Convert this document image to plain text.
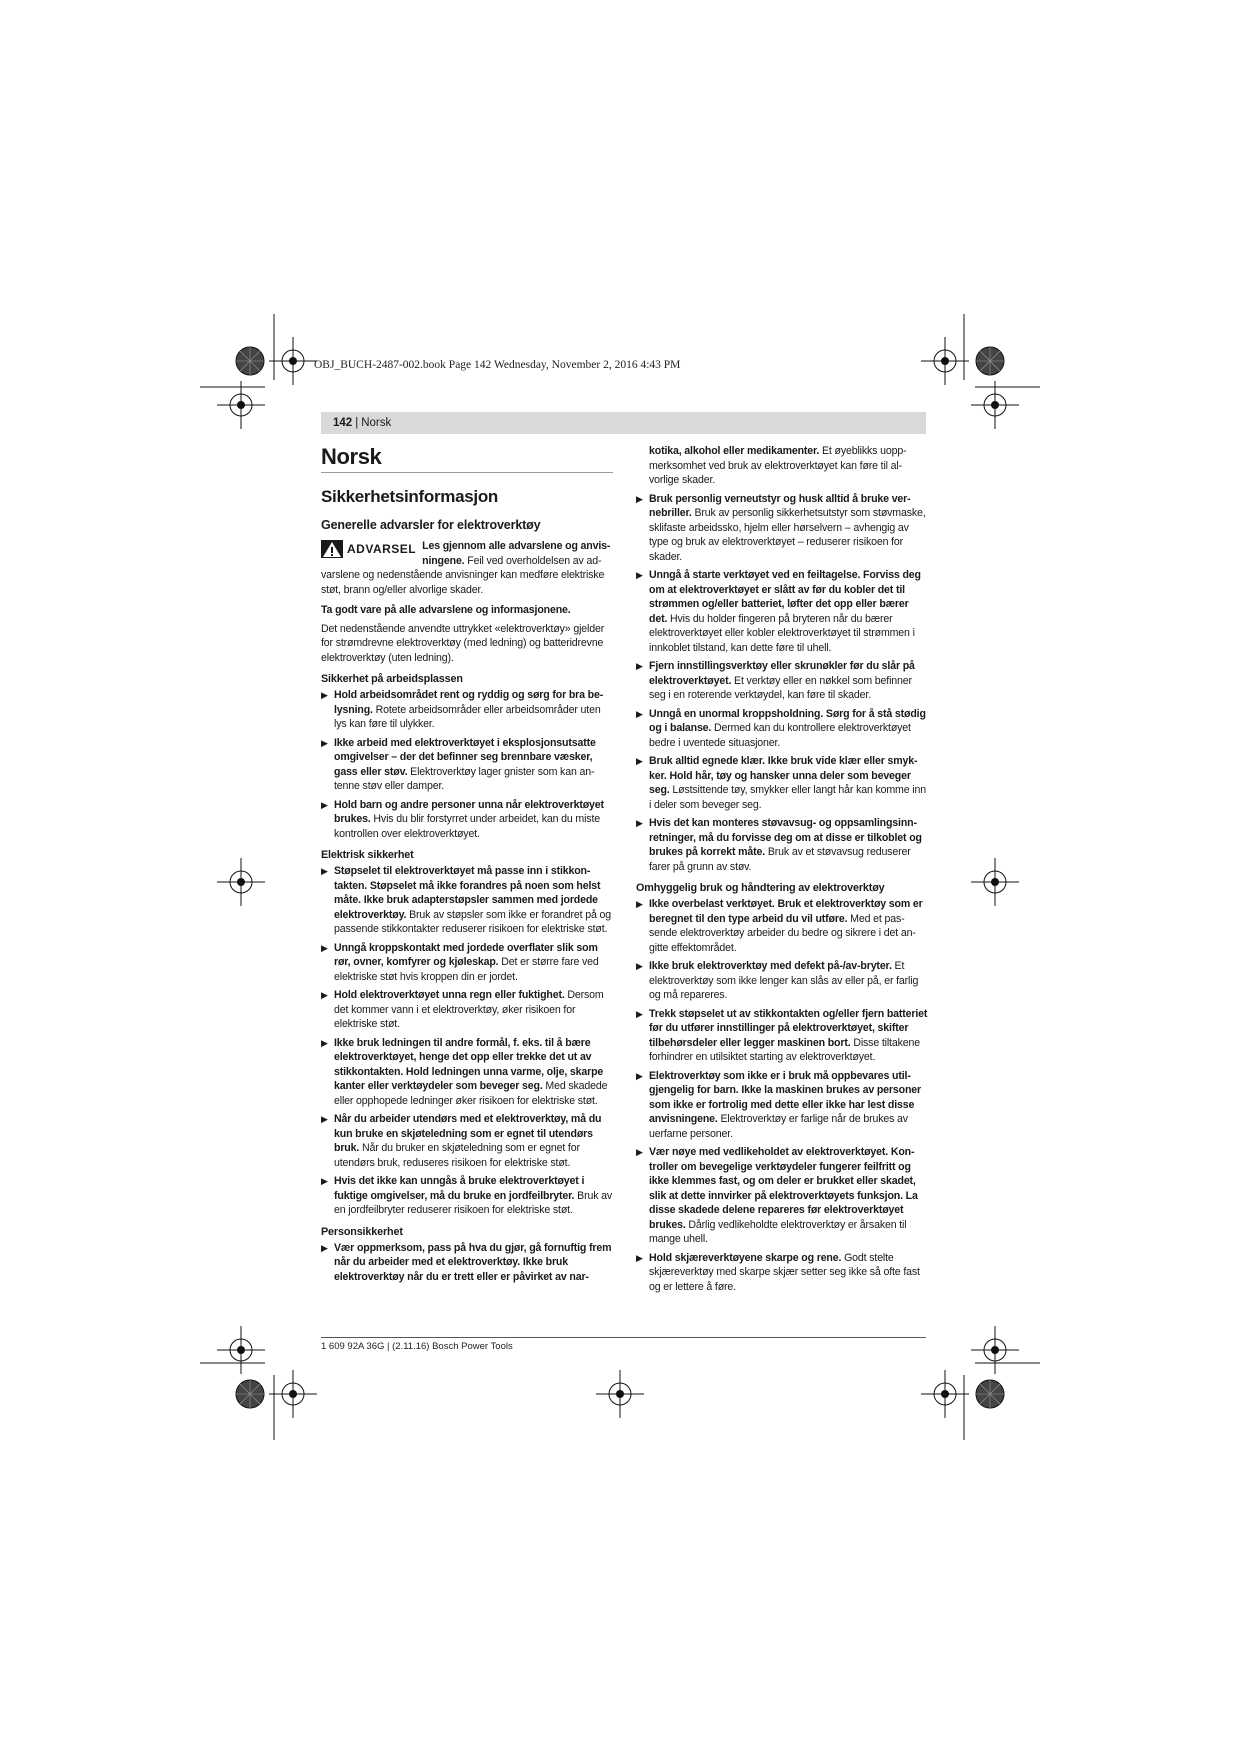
OBJ_BUCH-2487-002.book Page 142 Wednesday, November 2, 2016 4:43 PM
142 | Norsk
Norsk
Sikkerhetsinformasjon
Generelle advarsler for elektroverktøy
ADVARSEL Les gjennom alle advarslene og anvisningene. Feil ved overholdelsen av advarslene og nedenstående anvisninger kan medføre elektriske støt, brann og/eller alvorlige skader.

Ta godt vare på alle advarslene og informasjonene.

Det nedenstående anvendte uttrykket «elektroverktøy» gjelder for strømdrevne elektroverktøy (med ledning) og batteridrevne elektroverktøy (uten ledning).

Sikkerhet på arbeidsplassen
▶ Hold arbeidsområdet rent og ryddig og sørg for bra belysning. Rotete arbeidsområder eller arbeidsområder uten lys kan føre til ulykker.
▶ Ikke arbeid med elektroverktøyet i eksplosjonsutsatte omgivelser – der det befinner seg brennbare væsker, gass eller støv. Elektroverktøy lager gnister som kan antenne støv eller damper.
▶ Hold barn og andre personer unna når elektroverktøyet brukes. Hvis du blir forstyrret under arbeidet, kan du miste kontrollen over elektroverktøyet.
Elektrisk sikkerhet
▶ Støpselet til elektroverktøyet må passe inn i stikkontakten. Støpselet må ikke forandres på noen som helst måte. Ikke bruk adapterstøpsler sammen med jordede elektroverktøy. Bruk av støpsler som ikke er forandret på og passende stikkontakter reduserer risikoen for elektriske støt.
▶ Unngå kroppskontakt med jordede overflater slik som rør, ovner, komfyrer og kjøleskap. Det er større fare ved elektriske støt hvis kroppen din er jordet.
▶ Hold elektroverktøyet unna regn eller fuktighet. Dersom det kommer vann i et elektroverktøy, øker risikoen for elektriske støt.
▶ Ikke bruk ledningen til andre formål, f. eks. til å bære elektroverktøyet, henge det opp eller trekke det ut av stikkontakten. Hold ledningen unna varme, olje, skarpe kanter eller verktøydeler som beveger seg. Med skadede eller opphopede ledninger øker risikoen for elektriske støt.
▶ Når du arbeider utendørs med et elektroverktøy, må du kun bruke en skjøteledning som er egnet til utendørs bruk. Når du bruker en skjøteledning som er egnet for utendørs bruk, reduseres risikoen for elektriske støt.
▶ Hvis det ikke kan unngås å bruke elektroverktøyet i fuktige omgivelser, må du bruke en jordfeilbryter. Bruk av en jordfeilbryter reduserer risikoen for elektriske støt.
Personsikkerhet
▶ Vær oppmerksom, pass på hva du gjør, gå fornuftig frem når du arbeider med et elektroverktøy. Ikke bruk elektroverktøy når du er trett eller er påvirket av nar-

kotika, alkohol eller medikamenter. Et øyeblikks uoppmerksomhet ved bruk av elektroverktøyet kan føre til alvorlige skader.

▶ Bruk personlig verneutstyr og husk alltid å bruke vernebriller. Bruk av personlig sikkerhetsutstyr som støvmaske, sklifaste arbeidssko, hjelm eller hørselvern – avhengig av type og bruk av elektroverktøyet – reduserer risikoen for skader.
▶ Unngå å starte verktøyet ved en feiltagelse. Forviss deg om at elektroverktøyet er slått av før du kobler det til strømmen og/eller batteriet, løfter det opp eller bærer det. Hvis du holder fingeren på bryteren når du bærer elektroverktøyet eller kobler elektroverktøyet til strømmen i innkoblet tilstand, kan dette føre til uhell.
▶ Fjern innstillingsverktøy eller skrunøkler før du slår på elektroverktøyet. Et verktøy eller en nøkkel som befinner seg i en roterende verktøydel, kan føre til skader.
▶ Unngå en unormal kroppsholdning. Sørg for å stå stødig og i balanse. Dermed kan du kontrollere elektroverktøyet bedre i uventede situasjoner.
▶ Bruk alltid egnede klær. Ikke bruk vide klær eller smykker. Hold hår, tøy og hansker unna deler som beveger seg. Løstsittende tøy, smykker eller langt hår kan komme inn i deler som beveger seg.
▶ Hvis det kan monteres støvavsug- og oppsamlingsinnretninger, må du forvisse deg om at disse er tilkoblet og brukes på korrekt måte. Bruk av et støvavsug reduserer farer på grunn av støv.
Omhyggelig bruk og håndtering av elektroverktøy
▶ Ikke overbelast verktøyet. Bruk et elektroverktøy som er beregnet til den type arbeid du vil utføre. Med et passende elektroverktøy arbeider du bedre og sikrere i det angitte effektområdet.
▶ Ikke bruk elektroverktøy med defekt på-/av-bryter. Et elektroverktøy som ikke lenger kan slås av eller på, er farlig og må repareres.
▶ Trekk støpselet ut av stikkontakten og/eller fjern batteriet før du utfører innstillinger på elektroverktøyet, skifter tilbehørsdeler eller legger maskinen bort. Disse tiltakene forhindrer en utilsiktet starting av elektroverktøyet.
▶ Elektroverktøy som ikke er i bruk må oppbevares utilgjengelig for barn. Ikke la maskinen brukes av personer som ikke er fortrolig med dette eller ikke har lest disse anvisningene. Elektroverktøy er farlige når de brukes av uerfarne personer.
▶ Vær nøye med vedlikeholdet av elektroverktøyet. Kontroller om bevegelige verktøydeler fungerer feilfritt og ikke klemmes fast, og om deler er brukket eller skadet, slik at dette innvirker på elektroverktøyets funksjon. La disse skadede delene repareres før elektroverktøyet brukes. Dårlig vedlikeholdte elektroverktøy er årsaken til mange uhell.
▶ Hold skjæreverktøyene skarpe og rene. Godt stelte skjæreverktøy med skarpe skjær setter seg ikke så ofte fast og er lettere å føre.
1 609 92A 36G | (2.11.16) Bosch Power Tools
